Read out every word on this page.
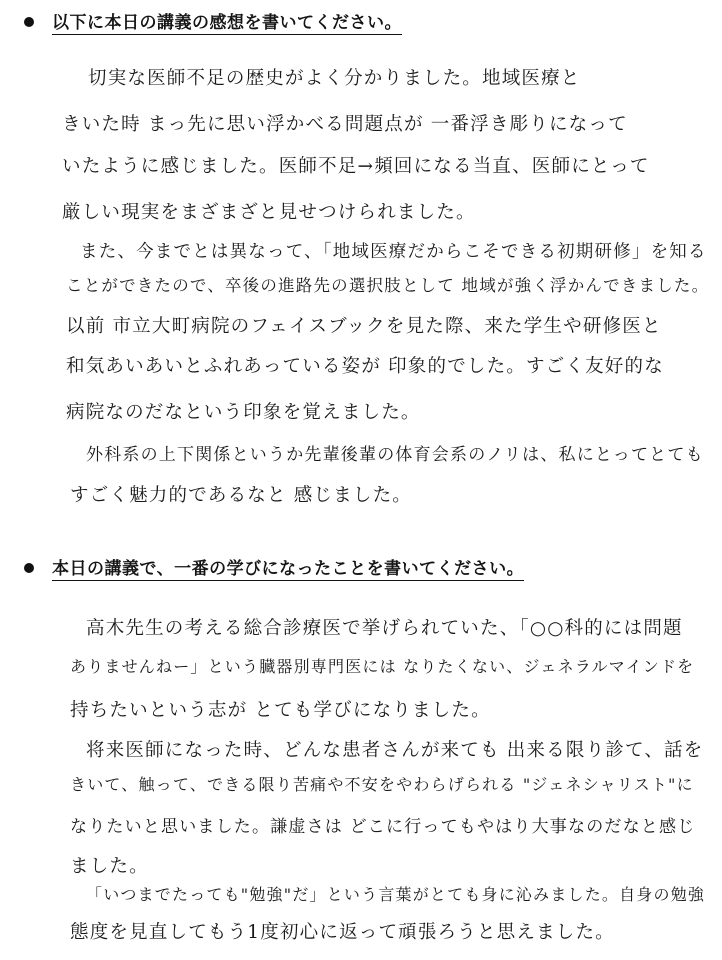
以下に本日の講義の感想を書いてください。
切実な医師不足の歴史がよく分かりました。地域医療と
きいた時 まっ先に思い浮かべる問題点が 一番浮き彫りになって
いたように感じました。医師不足→頻回になる当直、医師にとって
厳しい現実をまざまざと見せつけられました。
また、今までとは異なって、「地域医療だからこそできる初期研修」を知る
ことができたので、卒後の進路先の選択肢として 地域が強く浮かんできました。
以前 市立大町病院のフェイスブックを見た際、来た学生や研修医と
和気あいあいとふれあっている姿が 印象的でした。すごく友好的な
病院なのだなという印象を覚えました。
外科系の上下関係というか先輩後輩の体育会系のノリは、私にとってとても
すごく魅力的であるなと 感じました。
本日の講義で、一番の学びになったことを書いてください。
高木先生の考える総合診療医で挙げられていた、「○○科的には問題
ありませんねー」という臓器別専門医には なりたくない、ジェネラルマインドを
持ちたいという志が とても学びになりました。
将来医師になった時、どんな患者さんが来ても 出来る限り診て、話を
きいて、触って、できる限り苦痛や不安をやわらげられる "ジェネシャリスト"に
なりたいと思いました。謙虚さは どこに行ってもやはり大事なのだなと感じ
ました。
「いつまでたっても"勉強"だ」という言葉がとても身に沁みました。自身の勉強
態度を見直してもう1度初心に返って頑張ろうと思えました。
